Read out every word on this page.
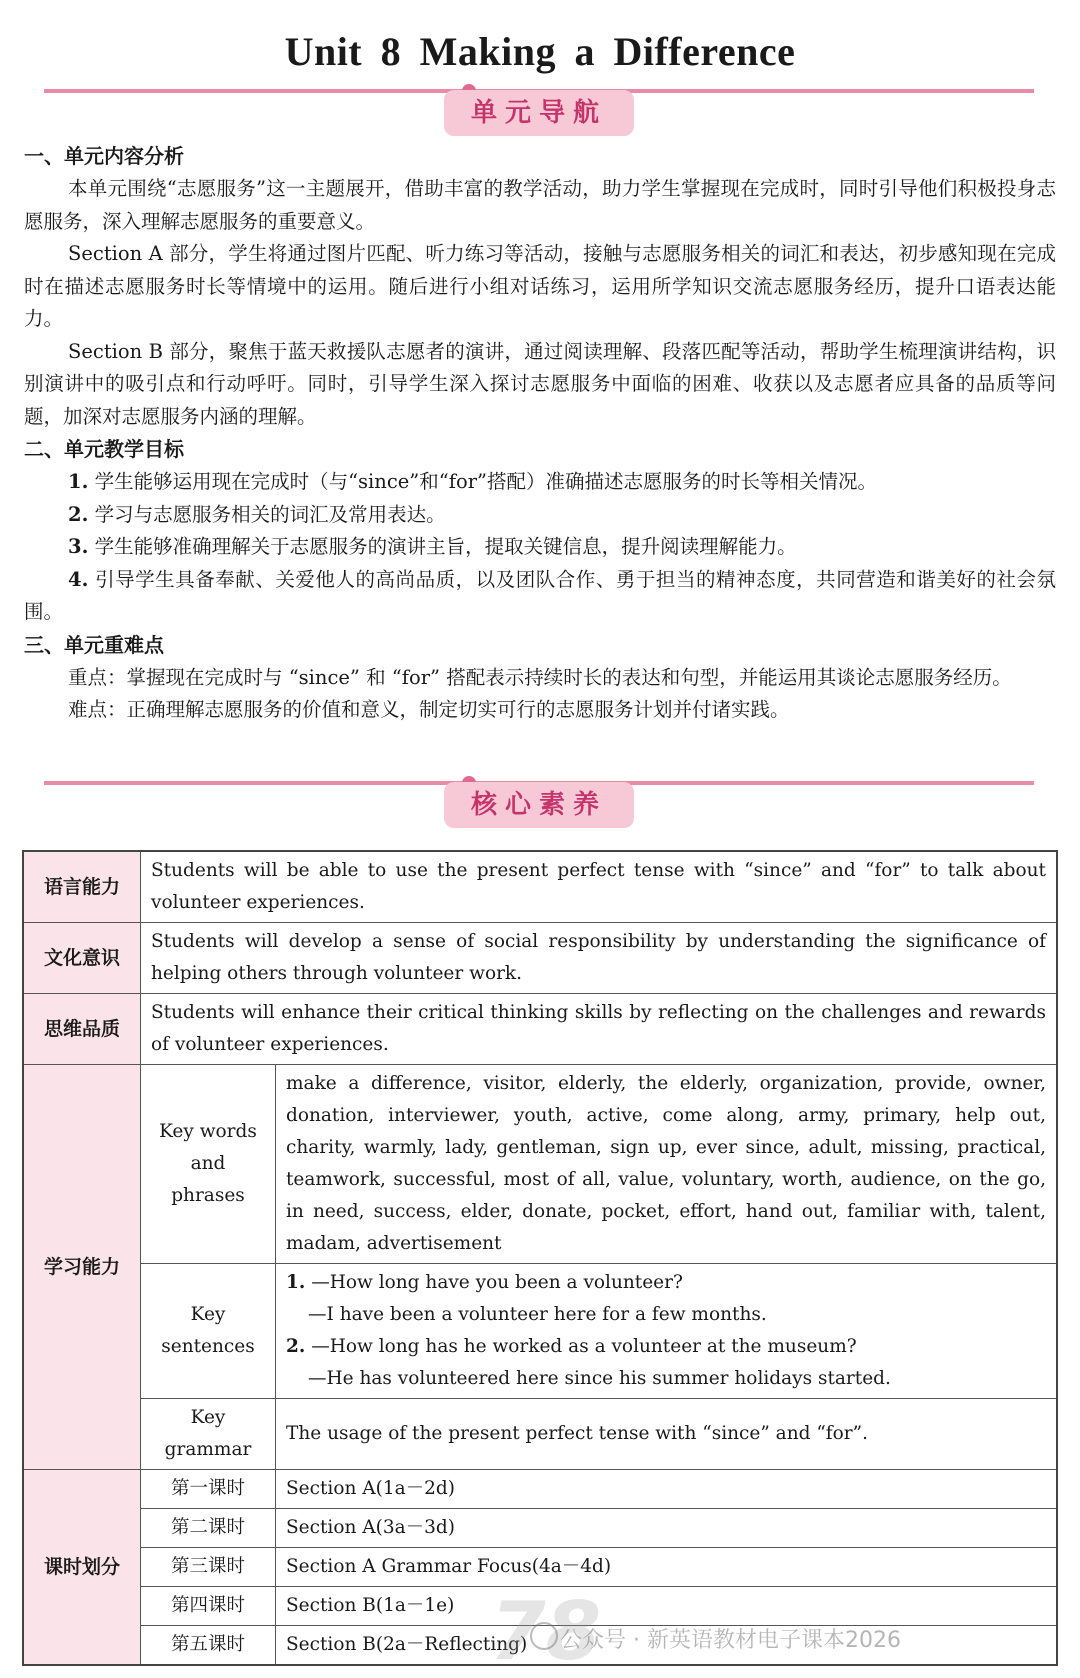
Unit 8 Making a Difference
单元导航
一、单元内容分析
本单元围绕“志愿服务”这一主题展开，借助丰富的教学活动，助力学生掌握现在完成时，同时引导他们积极投身志愿服务，深入理解志愿服务的重要意义。
Section A 部分，学生将通过图片匹配、听力练习等活动，接触与志愿服务相关的词汇和表达，初步感知现在完成时在描述志愿服务时长等情境中的运用。随后进行小组对话练习，运用所学知识交流志愿服务经历，提升口语表达能力。
Section B 部分，聚焦于蓝天救援队志愿者的演讲，通过阅读理解、段落匹配等活动，帮助学生梳理演讲结构，识别演讲中的吸引点和行动呼吁。同时，引导学生深入探讨志愿服务中面临的困难、收获以及志愿者应具备的品质等问题，加深对志愿服务内涵的理解。
二、单元教学目标
1. 学生能够运用现在完成时（与“since”和“for”搭配）准确描述志愿服务的时长等相关情况。
2. 学习与志愿服务相关的词汇及常用表达。
3. 学生能够准确理解关于志愿服务的演讲主旨，提取关键信息，提升阅读理解能力。
4. 引导学生具备奉献、关爱他人的高尚品质，以及团队合作、勇于担当的精神态度，共同营造和谐美好的社会氛围。
三、单元重难点
重点：掌握现在完成时与 “since” 和 “for” 搭配表示持续时长的表达和句型，并能运用其谈论志愿服务经历。
难点：正确理解志愿服务的价值和意义，制定切实可行的志愿服务计划并付诸实践。
核心素养
语言能力	Students will be able to use the present perfect tense with “since” and “for” to talk about volunteer experiences.	
文化意识	Students will develop a sense of social responsibility by understanding the significance of helping others through volunteer work.	
思维品质	Students will enhance their critical thinking skills by reflecting on the challenges and rewards of volunteer experiences.	
学习能力	Key words and phrases	make a difference, visitor, elderly, the elderly, organization, provide, owner, donation, interviewer, youth, active, come along, army, primary, help out, charity, warmly, lady, gentleman, sign up, ever since, adult, missing, practical, teamwork, successful, most of all, value, voluntary, worth, audience, on the go, in need, success, elder, donate, pocket, effort, hand out, familiar with, talent, madam, advertisement
	Key sentences	1. —How long have you been a volunteer?
—I have been a volunteer here for a few months.
2. —How long has he worked as a volunteer at the museum?
—He has volunteered here since his summer holidays started.

	Key grammar	The usage of the present perfect tense with “since” and “for”.
课时划分	第一课时	Section A(1a－2d)
	第二课时	Section A(3a－3d)
	第三课时	Section A Grammar Focus(4a－4d)
	第四课时	Section B(1a－1e)
	第五课时	Section B(2a－Reflecting)
78
公众号 · 新英语教材电子课本2026
